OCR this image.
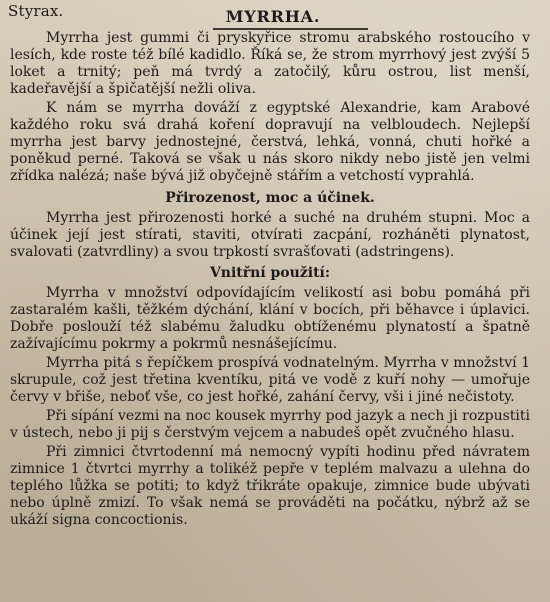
Styrax.	MYRRHA.

Myrrha jest gummi či pryskyřice stromu arabského rostoucího v lesích, kde roste též bílé kadidlo. Říká se, že strom myrrhový jest zvýší 5 loket a trnitý; peň má tvrdý a zatočilý, kůru ostrou, list menší, kadeřavější a špičatější nežli oliva.

K nám se myrrha dováží z egyptské Alexandrie, kam Arabové každého roku svá drahá koření dopravují na velbloudech. Nejlepší myrrha jest barvy jednostejné, čerstvá, lehká, vonná, chuti hořké a poněkud perné. Taková se však u nás skoro nikdy nebo jistě jen velmi zřídka nalézá; naše bývá již obyčejně stářím a vetchostí vyprahlá.

Přirozenost, moc a účinek.

Myrrha jest přirozenosti horké a suché na druhém stupni. Moc a účinek její jest stírati, staviti, otvírati zacpání, rozháněti plynatost, svalovati (zatvrdliny) a svou trpkostí svrašťovati (adstringens).

Vnitřní použití:

Myrrha v množství odpovídajícím velikostí asi bobu pomáhá při zastaralém kašli, těžkém dýchání, klání v bocích, při běhavce i úplavici. Dobře poslouží též slabému žaludku obtíženému plynatostí a špatně zažívajícímu pokrmy a pokrmů nesnášejícímu.

Myrrha pitá s řepíčkem prospívá vodnatelným. Myrrha v množství 1 skrupule, což jest třetina kventíku, pitá ve vodě z kuří nohy — umořuje červy v břiše, neboť vše, co jest hořké, zahání červy, vši i jiné nečistoty.

Při sípání vezmi na noc kousek myrrhy pod jazyk a nech ji rozpustiti v ústech, nebo ji pij s čerstvým vejcem a nabudeš opět zvučného hlasu.

Při zimnici čtvrtodenní má nemocný vypíti hodinu před návratem zimnice 1 čtvrtci myrrhy a tolikéž pepře v teplém malvazu a ulehna do teplého lůžka se potiti; to když třikráte opakuje, zimnice bude ubývati nebo úplně zmizí. To však nemá se prováděti na počátku, nýbrž až se ukáží signa concoctionis.
